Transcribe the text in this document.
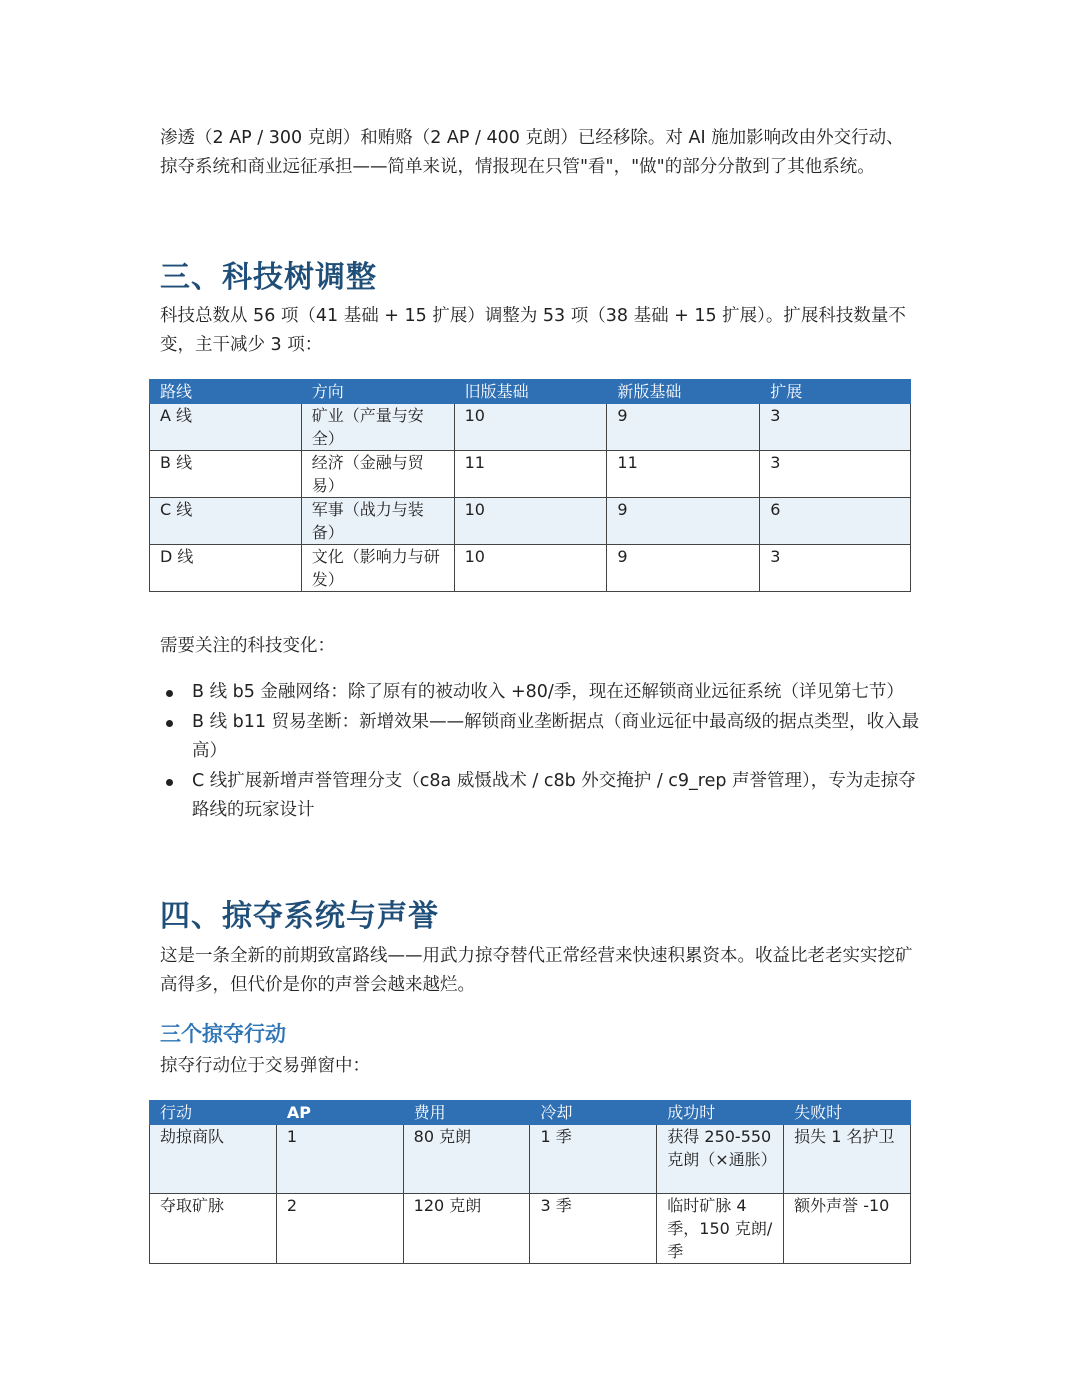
渗透（2 AP / 300 克朗）和贿赂（2 AP / 400 克朗）已经移除。对 AI 施加影响改由外交行动、掠夺系统和商业远征承担——简单来说，情报现在只管"看"，"做"的部分分散到了其他系统。

三、科技树调整

科技总数从 56 项（41 基础 + 15 扩展）调整为 53 项（38 基础 + 15 扩展）。扩展科技数量不变，主干减少 3 项：

路线	方向	旧版基础	新版基础	扩展
A 线	矿业（产量与安全）	10	9	3
B 线	经济（金融与贸易）	11	11	3
C 线	军事（战力与装备）	10	9	6
D 线	文化（影响力与研发）	10	9	3

需要关注的科技变化：

B 线 b5 金融网络：除了原有的被动收入 +80/季，现在还解锁商业远征系统（详见第七节）
B 线 b11 贸易垄断：新增效果——解锁商业垄断据点（商业远征中最高级的据点类型，收入最高）
C 线扩展新增声誉管理分支（c8a 威慑战术 / c8b 外交掩护 / c9_rep 声誉管理），专为走掠夺路线的玩家设计
四、掠夺系统与声誉

这是一条全新的前期致富路线——用武力掠夺替代正常经营来快速积累资本。收益比老老实实挖矿高得多，但代价是你的声誉会越来越烂。

三个掠夺行动

掠夺行动位于交易弹窗中：

行动	AP	费用	冷却	成功时	失败时
劫掠商队	1	80 克朗	1 季	获得 250-550 克朗（×通胀）	损失 1 名护卫
夺取矿脉	2	120 克朗	3 季	临时矿脉 4 季，150 克朗/季	额外声誉 -10
